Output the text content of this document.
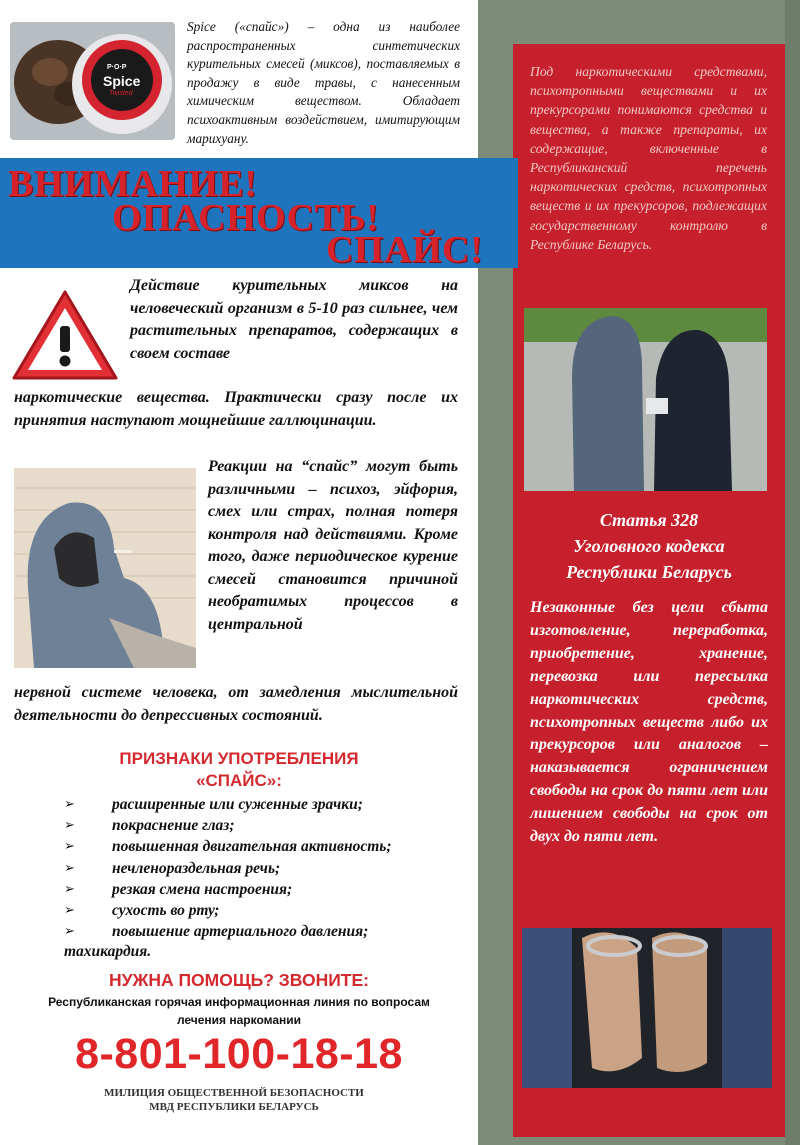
P·O·P
Spice
Twisted
Spice («спайс») – одна из наиболее распространенных синтетических курительных смесей (миксов), поставляемых в продажу в виде травы, с нанесенным химическим веществом. Обладает психоактивным воздействием, имитирующим марихуану.
ВНИМАНИЕ!
ОПАСНОСТЬ!
СПАЙС!
Действие курительных миксов на человеческий организм в 5-10 раз сильнее, чем растительных препаратов, содержащих в своем составе
наркотические вещества. Практически сразу после их принятия наступают мощнейшие галлюцинации.
Реакции на “спайс” могут быть различными – психоз, эйфория, смех или страх, полная потеря контроля над действиями. Кроме того, даже периодическое курение смесей становится причиной необратимых процессов в центральной
нервной системе человека, от замедления мыслительной деятельности до депрессивных состояний.
ПРИЗНАКИ УПОТРЕБЛЕНИЯ
«СПАЙС»:
➢ расширенные или суженные зрачки;
➢ покраснение глаз;
➢ повышенная двигательная активность;
➢ нечленораздельная речь;
➢ резкая смена настроения;
➢ сухость во рту;
➢ повышение артериального давления;
тахикардия.
НУЖНА ПОМОЩЬ? ЗВОНИТЕ:
Республиканская горячая информационная линия по вопросам
лечения наркомании
8-801-100-18-18
МИЛИЦИЯ ОБЩЕСТВЕННОЙ БЕЗОПАСНОСТИ
МВД РЕСПУБЛИКИ БЕЛАРУСЬ
Под наркотическими средствами, психотропными веществами и их прекурсорами понимаются средства и вещества, а также препараты, их содержащие, включенные в Республиканский перечень наркотических средств, психотропных веществ и их прекурсоров, подлежащих государственному контролю в Республике Беларусь.
Статья 328
Уголовного кодекса
Республики Беларусь
Незаконные без цели сбыта изготовление, переработка, приобретение, хранение, перевозка или пересылка наркотических средств, психотропных веществ либо их прекурсоров или аналогов – наказывается ограничением свободы на срок до пяти лет или лишением свободы на срок от двух до пяти лет.
